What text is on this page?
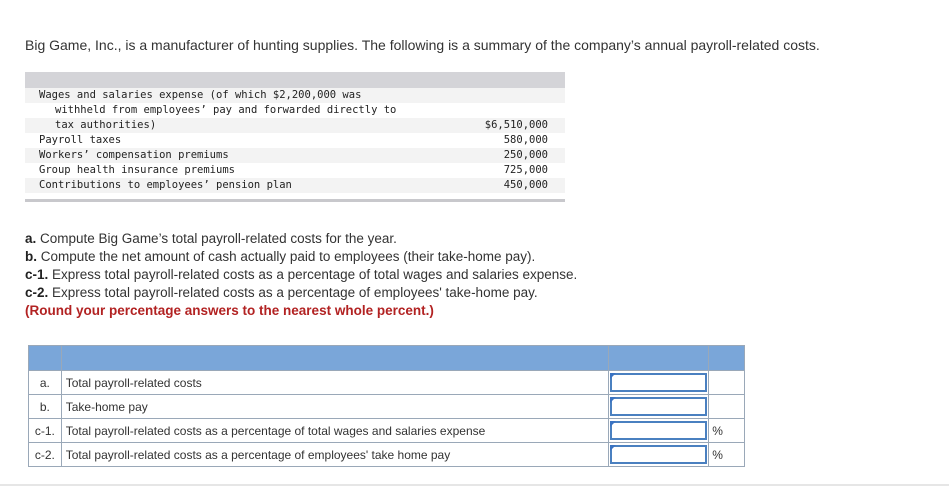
Big Game, Inc., is a manufacturer of hunting supplies. The following is a summary of the company’s annual payroll-related costs.
Wages and salaries expense (of which $2,200,000 was
withheld from employees’ pay and forwarded directly to
tax authorities)	$6,510,000
Payroll taxes	580,000
Workers’ compensation premiums	250,000
Group health insurance premiums	725,000
Contributions to employees’ pension plan	450,000
a. Compute Big Game’s total payroll-related costs for the year.
b. Compute the net amount of cash actually paid to employees (their take-home pay).
c-1. Express total payroll-related costs as a percentage of total wages and salaries expense.
c-2. Express total payroll-related costs as a percentage of employees' take-home pay.
(Round your percentage answers to the nearest whole percent.)

a.	Total payroll-related costs	

b.	Take-home pay	

c-1.	Total payroll-related costs as a percentage of total wages and salaries expense		%
c-2.	Total payroll-related costs as a percentage of employees' take home pay		%
